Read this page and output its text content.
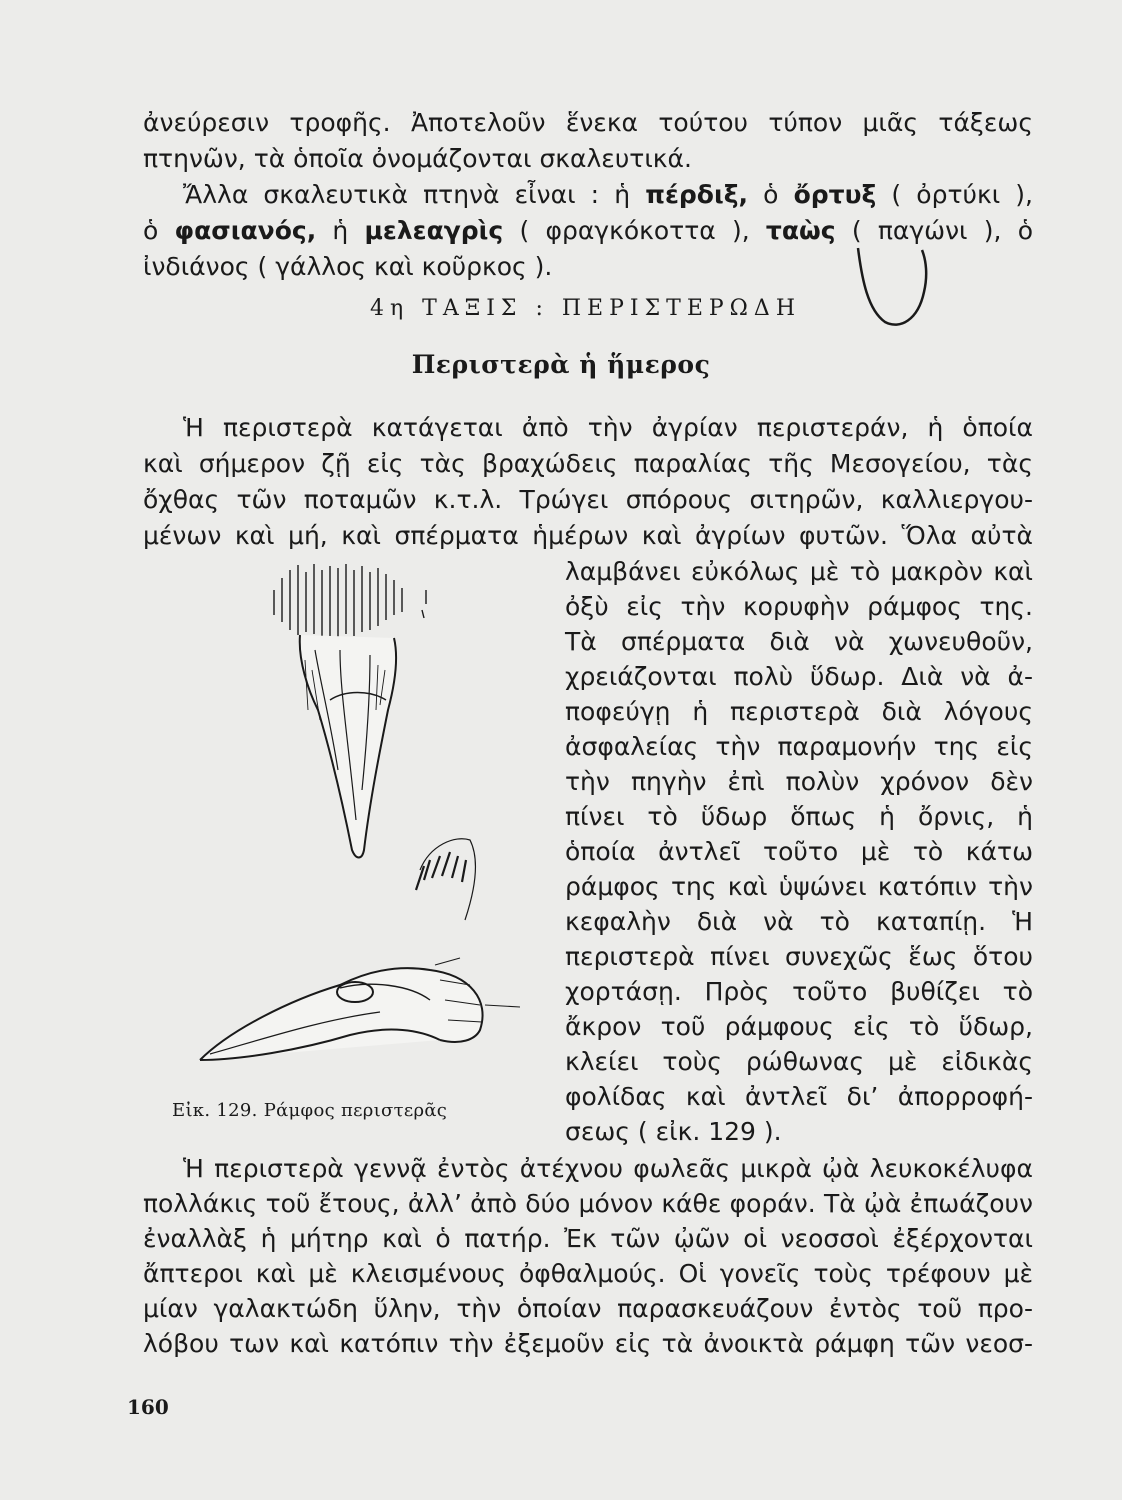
ἀνεύρεσιν τροφῆς. Ἀποτελοῦν ἕνεκα τούτου τύπον μιᾶς τάξεως
πτηνῶν, τὰ ὁποῖα ὀνομάζονται σκαλευτικά.
Ἄλλα σκαλευτικὰ πτηνὰ εἶναι : ἡ πέρδιξ, ὁ ὄρτυξ ( ὀρτύκι ),
ὁ φασιανός, ἡ μελεαγρὶς ( φραγκόκοττα ), ταὼς ( παγώνι ), ὁ
ἰνδιάνος ( γάλλος καὶ κοῦρκος ).
4η ΤΑΞΙΣ : ΠΕΡΙΣΤΕΡΩΔΗ
Περιστερὰ ἡ ἥμερος
Ἡ περιστερὰ κατάγεται ἀπὸ τὴν ἀγρίαν περιστεράν, ἡ ὁποία
καὶ σήμερον ζῇ εἰς τὰς βραχώδεις παραλίας τῆς Μεσογείου, τὰς
ὄχθας τῶν ποταμῶν κ.τ.λ. Τρώγει σπόρους σιτηρῶν, καλλιεργου-
μένων καὶ μή, καὶ σπέρματα ἡμέρων καὶ ἀγρίων φυτῶν. Ὅλα αὐτὰ
λαμβάνει εὐκόλως μὲ τὸ μακρὸν καὶ
ὀξὺ εἰς τὴν κορυφὴν ράμφος της.
Τὰ σπέρματα διὰ νὰ χωνευθοῦν,
χρειάζονται πολὺ ὕδωρ. Διὰ νὰ ἀ-
ποφεύγῃ ἡ περιστερὰ διὰ λόγους
ἀσφαλείας τὴν παραμονήν της εἰς
τὴν πηγὴν ἐπὶ πολὺν χρόνον δὲν
πίνει τὸ ὕδωρ ὅπως ἡ ὄρνις, ἡ
ὁποία ἀντλεῖ τοῦτο μὲ τὸ κάτω
ράμφος της καὶ ὑψώνει κατόπιν τὴν
κεφαλὴν διὰ νὰ τὸ καταπίῃ. Ἡ
περιστερὰ πίνει συνεχῶς ἕως ὅτου
χορτάσῃ. Πρὸς τοῦτο βυθίζει τὸ
ἄκρον τοῦ ράμφους εἰς τὸ ὕδωρ,
κλείει τοὺς ρώθωνας μὲ εἰδικὰς
φολίδας καὶ ἀντλεῖ δι’ ἀπορροφή-
σεως ( εἰκ. 129 ).
Εἰκ. 129. Ράμφος περιστερᾶς
Ἡ περιστερὰ γεννᾷ ἐντὸς ἀτέχνου φωλεᾶς μικρὰ ᾠὰ λευκοκέλυφα
πολλάκις τοῦ ἔτους, ἀλλ’ ἀπὸ δύο μόνον κάθε φοράν. Τὰ ᾠὰ ἐπωάζουν
ἐναλλὰξ ἡ μήτηρ καὶ ὁ πατήρ. Ἐκ τῶν ᾠῶν οἱ νεοσσοὶ ἐξέρχονται
ἄπτεροι καὶ μὲ κλεισμένους ὀφθαλμούς. Οἱ γονεῖς τοὺς τρέφουν μὲ
μίαν γαλακτώδη ὕλην, τὴν ὁποίαν παρασκευάζουν ἐντὸς τοῦ προ-
λόβου των καὶ κατόπιν τὴν ἐξεμοῦν εἰς τὰ ἀνοικτὰ ράμφη τῶν νεοσ-
160
